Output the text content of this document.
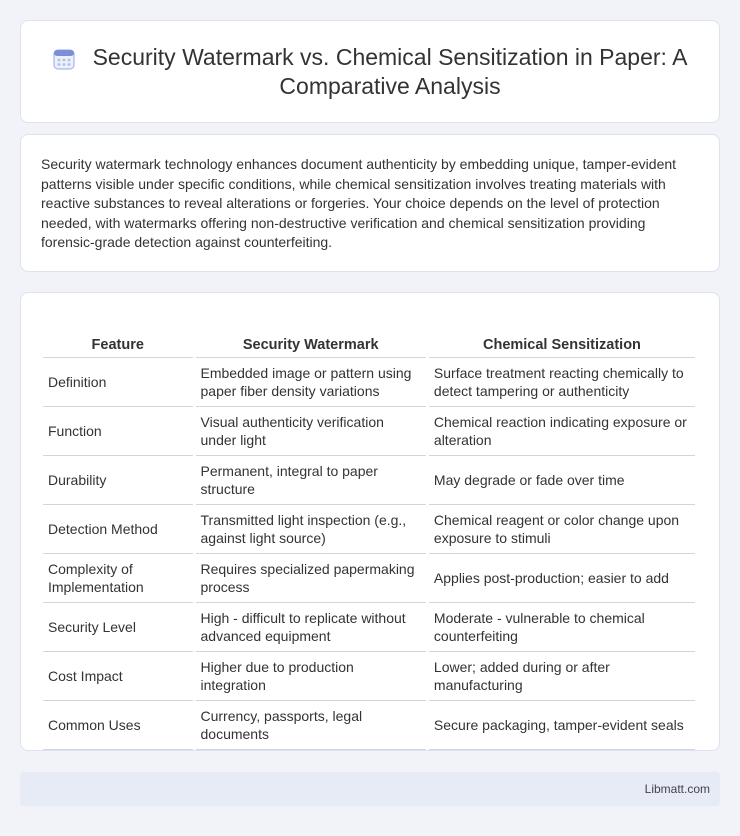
Security Watermark vs. Chemical Sensitization in Paper: A Comparative Analysis

Security watermark technology enhances document authenticity by embedding unique, tamper-evident patterns visible under specific conditions, while chemical sensitization involves treating materials with reactive substances to reveal alterations or forgeries. Your choice depends on the level of protection needed, with watermarks offering non-destructive verification and chemical sensitization providing forensic-grade detection against counterfeiting.

Feature	Security Watermark	Chemical Sensitization
Definition	Embedded image or pattern using paper fiber density variations	Surface treatment reacting chemically to detect tampering or authenticity
Function	Visual authenticity verification under light	Chemical reaction indicating exposure or alteration
Durability	Permanent, integral to paper structure	May degrade or fade over time
Detection Method	Transmitted light inspection (e.g., against light source)	Chemical reagent or color change upon exposure to stimuli
Complexity of Implementation	Requires specialized papermaking process	Applies post-production; easier to add
Security Level	High - difficult to replicate without advanced equipment	Moderate - vulnerable to chemical counterfeiting
Cost Impact	Higher due to production integration	Lower; added during or after manufacturing
Common Uses	Currency, passports, legal documents	Secure packaging, tamper-evident seals
Libmatt.com
